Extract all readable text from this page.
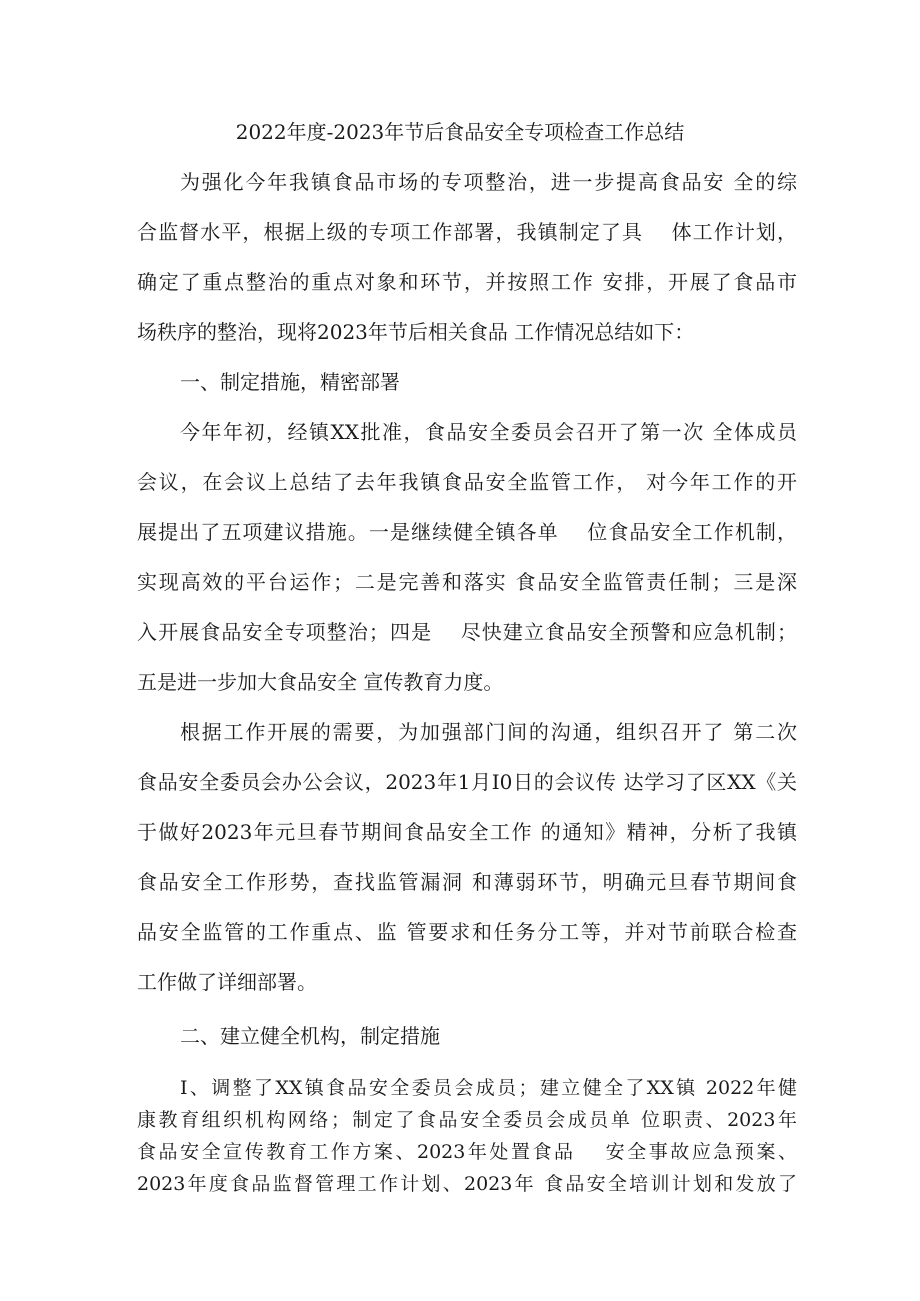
2022年度-2023年节后食品安全专项检查工作总结
为强化今年我镇食品市场的专项整治，进一步提高食品安 全的综
合监督水平，根据上级的专项工作部署，我镇制定了具　 体工作计划，
确定了重点整治的重点对象和环节，并按照工作 安排，开展了食品市
场秩序的整治，现将2023年节后相关食品 工作情况总结如下：
一、制定措施，精密部署
今年年初，经镇XX批准，食品安全委员会召开了第一次 全体成员
会议，在会议上总结了去年我镇食品安全监管工作， 对今年工作的开
展提出了五项建议措施。一是继续健全镇各单　 位食品安全工作机制，
实现高效的平台运作；二是完善和落实 食品安全监管责任制；三是深
入开展食品安全专项整治；四是　 尽快建立食品安全预警和应急机制；
五是进一步加大食品安全 宣传教育力度。
根据工作开展的需要，为加强部门间的沟通，组织召开了 第二次
食品安全委员会办公会议，2023年1月I0日的会议传 达学习了区XX《关
于做好2023年元旦春节期间食品安全工作 的通知》精神，分析了我镇
食品安全工作形势，查找监管漏洞 和薄弱环节，明确元旦春节期间食
品安全监管的工作重点、监 管要求和任务分工等，并对节前联合检查
工作做了详细部署。
二、建立健全机构，制定措施
I、调整了XX镇食品安全委员会成员；建立健全了XX镇 2022年健
康教育组织机构网络；制定了食品安全委员会成员单 位职责、2023年
食品安全宣传教育工作方案、2023年处置食品　 安全事故应急预案、
2023年度食品监督管理工作计划、2023年 食品安全培训计划和发放了
